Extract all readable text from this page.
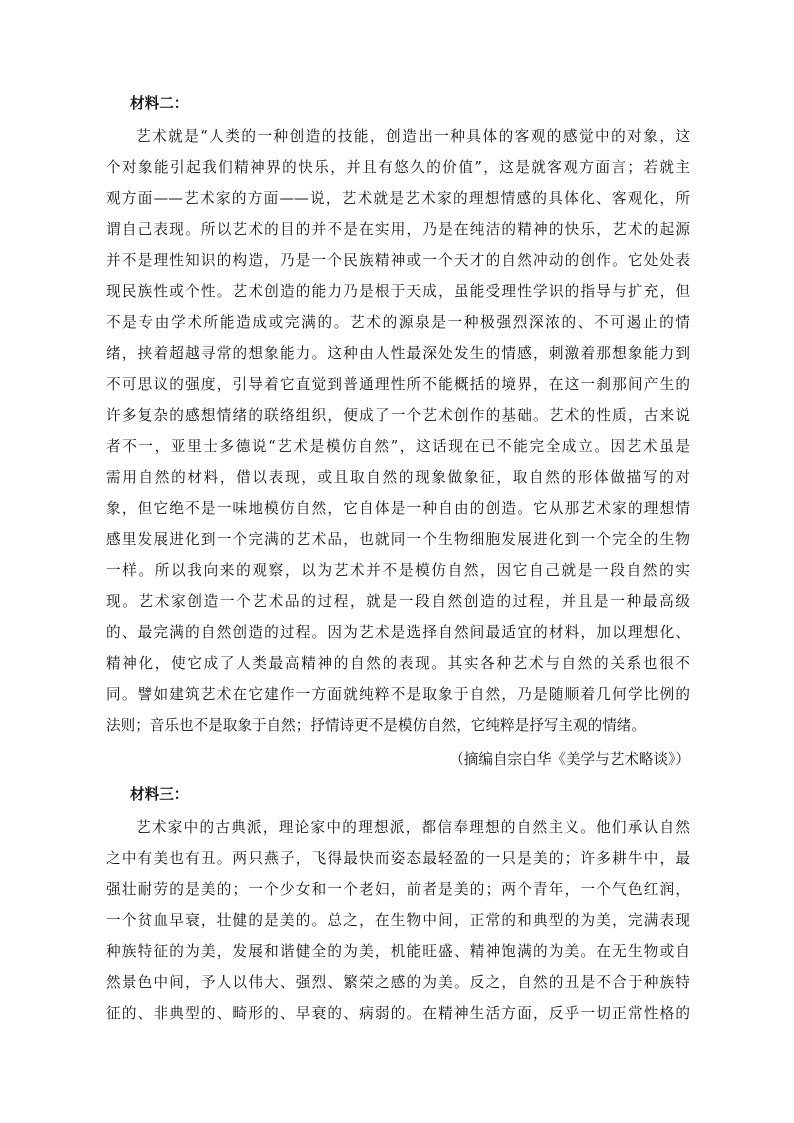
材料二：
艺术就是“人类的一种创造的技能，创造出一种具体的客观的感觉中的对象，这
个对象能引起我们精神界的快乐，并且有悠久的价值”，这是就客观方面言；若就主
观方面——艺术家的方面——说，艺术就是艺术家的理想情感的具体化、客观化，所
谓自己表现。所以艺术的目的并不是在实用，乃是在纯洁的精神的快乐，艺术的起源
并不是理性知识的构造，乃是一个民族精神或一个天才的自然冲动的创作。它处处表
现民族性或个性。艺术创造的能力乃是根于天成，虽能受理性学识的指导与扩充，但
不是专由学术所能造成或完满的。艺术的源泉是一种极强烈深浓的、不可遏止的情
绪，挟着超越寻常的想象能力。这种由人性最深处发生的情感，刺激着那想象能力到
不可思议的强度，引导着它直觉到普通理性所不能概括的境界，在这一刹那间产生的
许多复杂的感想情绪的联络组织，便成了一个艺术创作的基础。艺术的性质，古来说
者不一，亚里士多德说“艺术是模仿自然”，这话现在已不能完全成立。因艺术虽是
需用自然的材料，借以表现，或且取自然的现象做象征，取自然的形体做描写的对
象，但它绝不是一味地模仿自然，它自体是一种自由的创造。它从那艺术家的理想情
感里发展进化到一个完满的艺术品，也就同一个生物细胞发展进化到一个完全的生物
一样。所以我向来的观察，以为艺术并不是模仿自然，因它自己就是一段自然的实
现。艺术家创造一个艺术品的过程，就是一段自然创造的过程，并且是一种最高级
的、最完满的自然创造的过程。因为艺术是选择自然间最适宜的材料，加以理想化、
精神化，使它成了人类最高精神的自然的表现。其实各种艺术与自然的关系也很不
同。譬如建筑艺术在它建作一方面就纯粹不是取象于自然，乃是随顺着几何学比例的
法则；音乐也不是取象于自然；抒情诗更不是模仿自然，它纯粹是抒写主观的情绪。
（摘编自宗白华《美学与艺术略谈》）
材料三：
艺术家中的古典派，理论家中的理想派，都信奉理想的自然主义。他们承认自然
之中有美也有丑。两只燕子，飞得最快而姿态最轻盈的一只是美的；许多耕牛中，最
强壮耐劳的是美的；一个少女和一个老妇，前者是美的；两个青年，一个气色红润，
一个贫血早衰，壮健的是美的。总之，在生物中间，正常的和典型的为美，完满表现
种族特征的为美，发展和谐健全的为美，机能旺盛、精神饱满的为美。在无生物或自
然景色中间，予人以伟大、强烈、繁荣之感的为美。反之，自然的丑是不合于种族特
征的、非典型的、畸形的、早衰的、病弱的。在精神生活方面，反乎一切正常性格的
